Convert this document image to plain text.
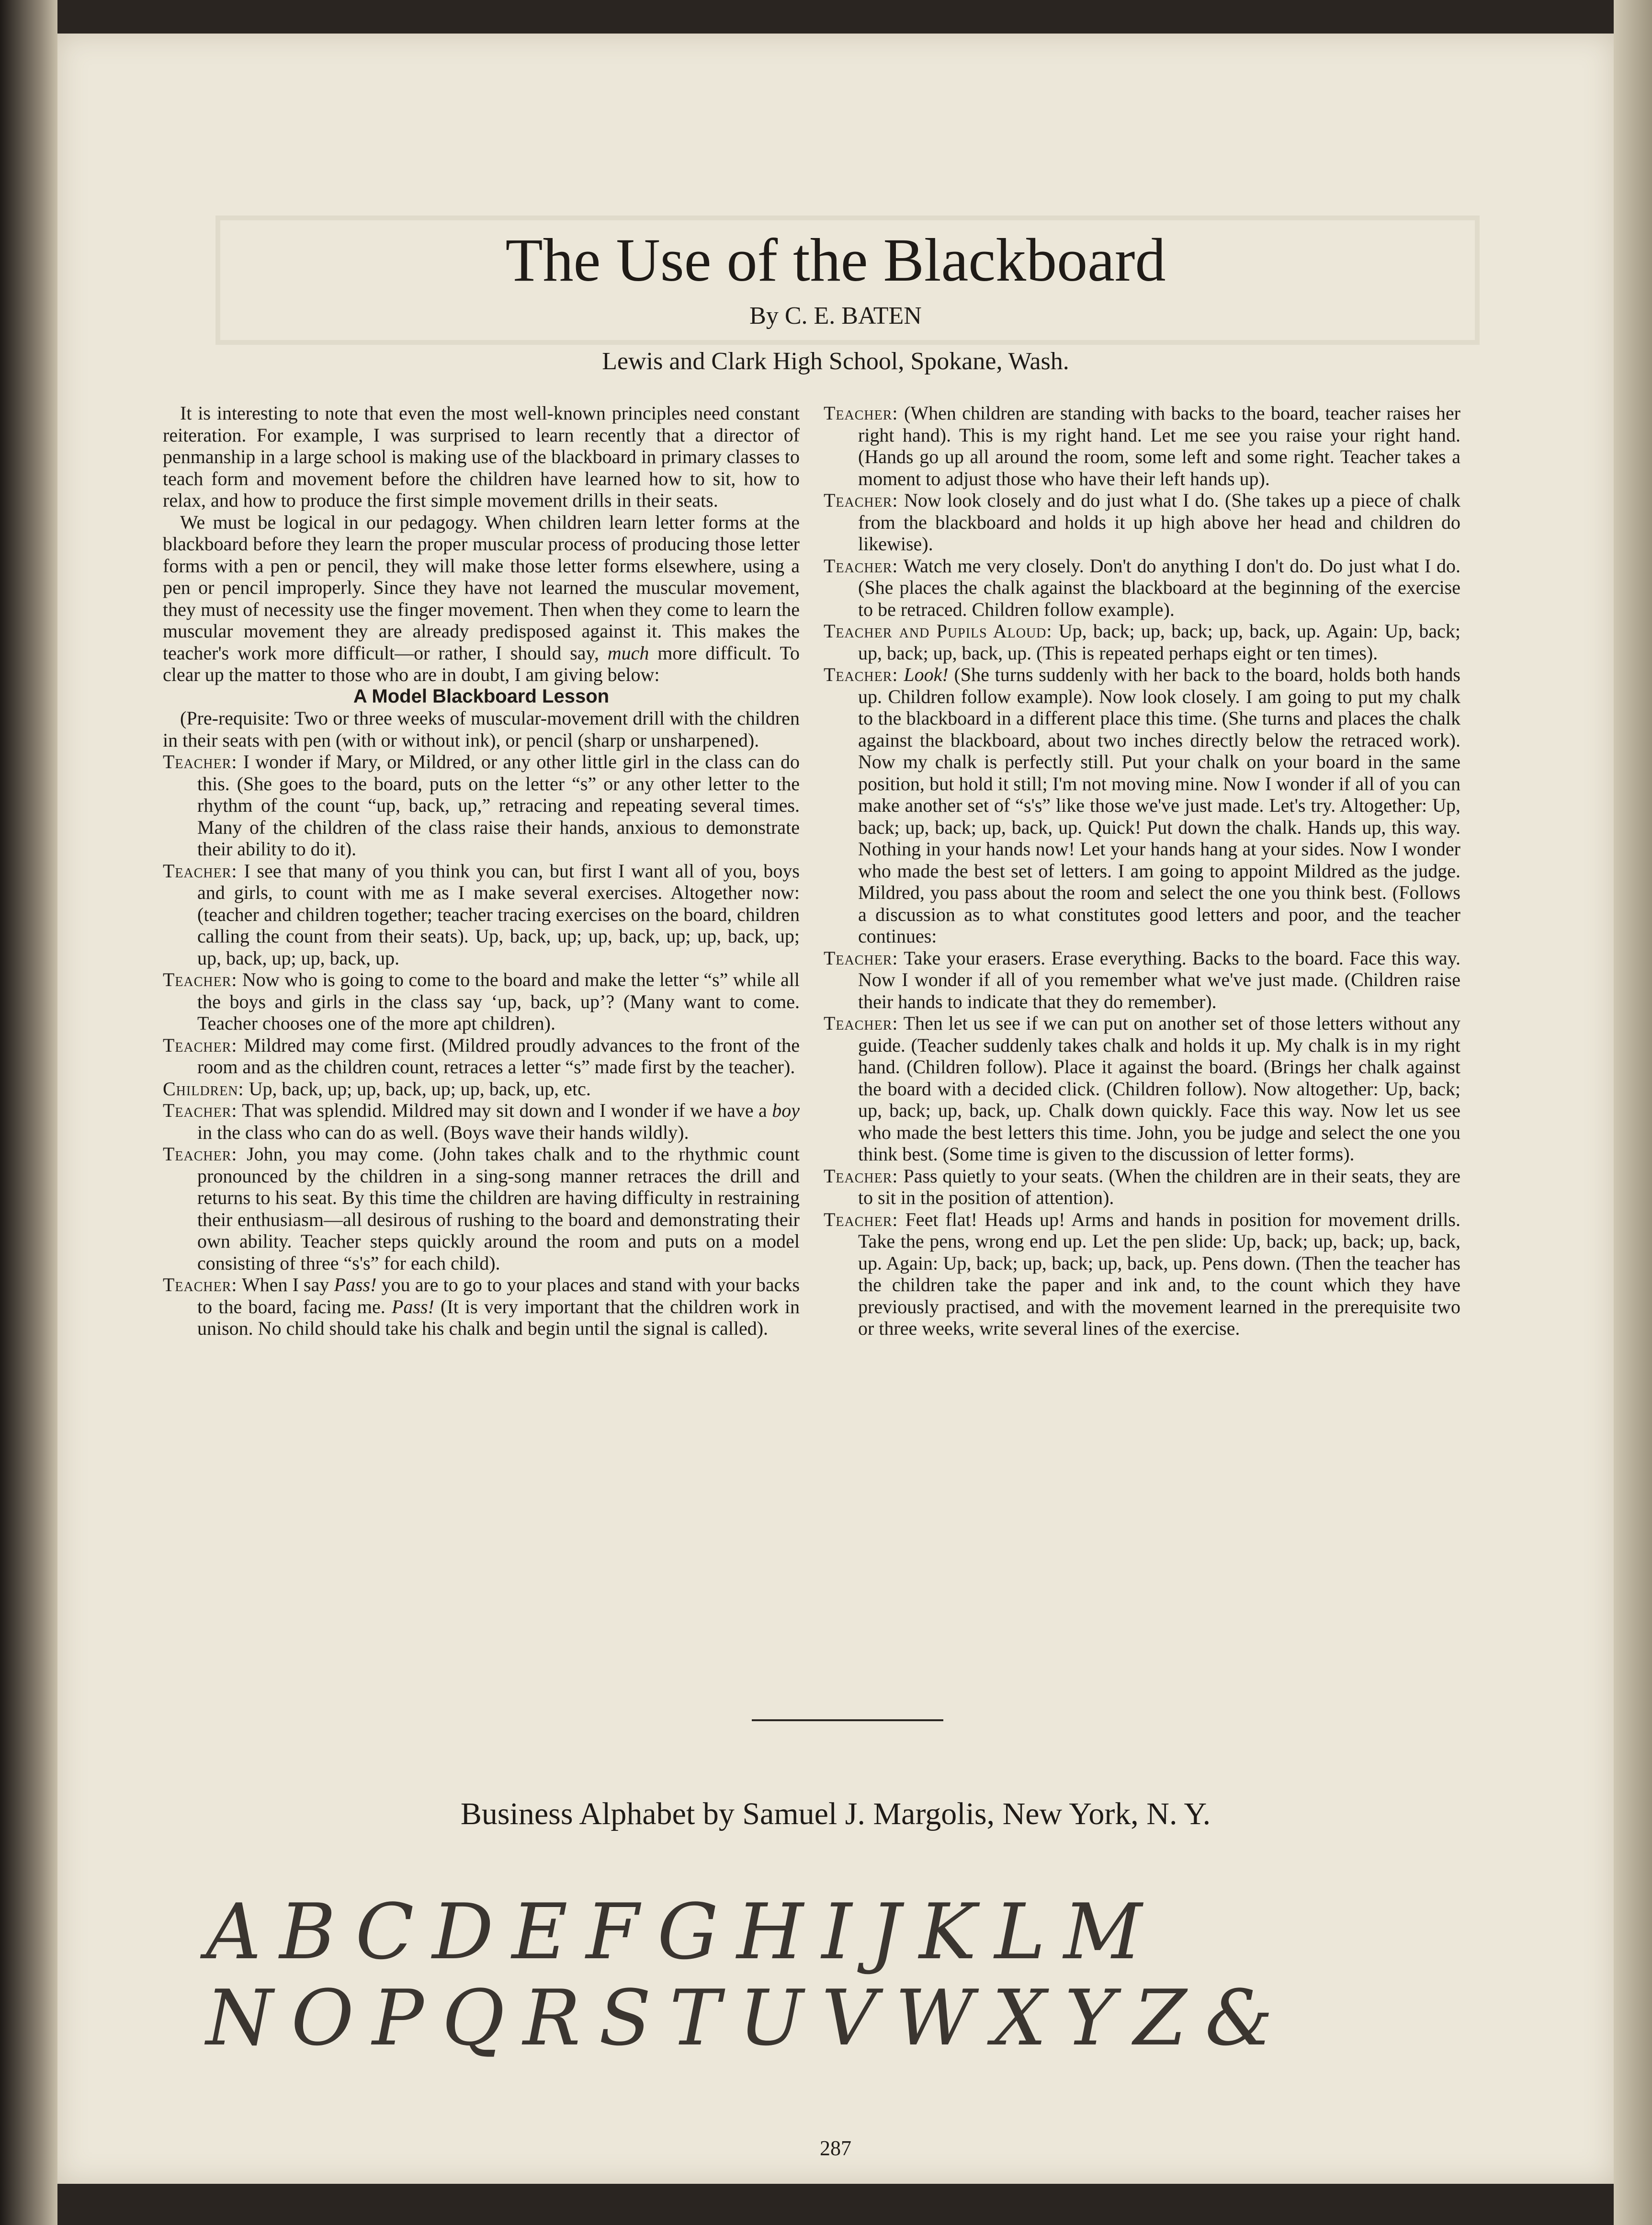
The Use of the Blackboard
By C. E. BATEN
Lewis and Clark High School, Spokane, Wash.

It is interesting to note that even the most well-known principles need constant reiteration. For example, I was surprised to learn recently that a director of penmanship in a large school is making use of the blackboard in primary classes to teach form and movement before the children have learned how to sit, how to relax, and how to produce the first simple movement drills in their seats.

We must be logical in our pedagogy. When children learn letter forms at the blackboard before they learn the proper muscular process of producing those letter forms with a pen or pencil, they will make those letter forms elsewhere, using a pen or pencil improperly. Since they have not learned the muscular movement, they must of necessity use the finger movement. Then when they come to learn the muscular movement they are already predisposed against it. This makes the teacher's work more difficult—or rather, I should say, much more difficult. To clear up the matter to those who are in doubt, I am giving below:

A Model Blackboard Lesson

(Pre-requisite: Two or three weeks of muscular-movement drill with the children in their seats with pen (with or without ink), or pencil (sharp or unsharpened).

Teacher: I wonder if Mary, or Mildred, or any other little girl in the class can do this. (She goes to the board, puts on the letter “s” or any other letter to the rhythm of the count “up, back, up,” retracing and repeating several times. Many of the children of the class raise their hands, anxious to demonstrate their ability to do it).

Teacher: I see that many of you think you can, but first I want all of you, boys and girls, to count with me as I make several exercises. Altogether now: (teacher and children together; teacher tracing exercises on the board, children calling the count from their seats). Up, back, up; up, back, up; up, back, up; up, back, up; up, back, up.

Teacher: Now who is going to come to the board and make the letter “s” while all the boys and girls in the class say ‘up, back, up’? (Many want to come. Teacher chooses one of the more apt children).

Teacher: Mildred may come first. (Mildred proudly advances to the front of the room and as the children count, retraces a letter “s” made first by the teacher).

Children: Up, back, up; up, back, up; up, back, up, etc.

Teacher: That was splendid. Mildred may sit down and I wonder if we have a boy in the class who can do as well. (Boys wave their hands wildly).

Teacher: John, you may come. (John takes chalk and to the rhythmic count pronounced by the children in a sing-song manner retraces the drill and returns to his seat. By this time the children are having difficulty in restraining their enthusiasm—all desirous of rushing to the board and demonstrating their own ability. Teacher steps quickly around the room and puts on a model consisting of three “s's” for each child).

Teacher: When I say Pass! you are to go to your places and stand with your backs to the board, facing me. Pass! (It is very important that the children work in unison. No child should take his chalk and begin until the signal is called).

Teacher: (When children are standing with backs to the board, teacher raises her right hand). This is my right hand. Let me see you raise your right hand. (Hands go up all around the room, some left and some right. Teacher takes a moment to adjust those who have their left hands up).

Teacher: Now look closely and do just what I do. (She takes up a piece of chalk from the blackboard and holds it up high above her head and children do likewise).

Teacher: Watch me very closely. Don't do anything I don't do. Do just what I do. (She places the chalk against the blackboard at the beginning of the exercise to be retraced. Children follow example).

Teacher and Pupils Aloud: Up, back; up, back; up, back, up. Again: Up, back; up, back; up, back, up. (This is repeated perhaps eight or ten times).

Teacher: Look! (She turns suddenly with her back to the board, holds both hands up. Children follow example). Now look closely. I am going to put my chalk to the blackboard in a different place this time. (She turns and places the chalk against the blackboard, about two inches directly below the retraced work). Now my chalk is perfectly still. Put your chalk on your board in the same position, but hold it still; I'm not moving mine. Now I wonder if all of you can make another set of “s's” like those we've just made. Let's try. Altogether: Up, back; up, back; up, back, up. Quick! Put down the chalk. Hands up, this way. Nothing in your hands now! Let your hands hang at your sides. Now I wonder who made the best set of letters. I am going to appoint Mildred as the judge. Mildred, you pass about the room and select the one you think best. (Follows a discussion as to what constitutes good letters and poor, and the teacher continues:

Teacher: Take your erasers. Erase everything. Backs to the board. Face this way. Now I wonder if all of you remember what we've just made. (Children raise their hands to indicate that they do remember).

Teacher: Then let us see if we can put on another set of those letters without any guide. (Teacher suddenly takes chalk and holds it up. My chalk is in my right hand. (Children follow). Place it against the board. (Brings her chalk against the board with a decided click. (Children follow). Now altogether: Up, back; up, back; up, back, up. Chalk down quickly. Face this way. Now let us see who made the best letters this time. John, you be judge and select the one you think best. (Some time is given to the discussion of letter forms).

Teacher: Pass quietly to your seats. (When the children are in their seats, they are to sit in the position of attention).

Teacher: Feet flat! Heads up! Arms and hands in position for movement drills. Take the pens, wrong end up. Let the pen slide: Up, back; up, back; up, back, up. Again: Up, back; up, back; up, back, up. Pens down. (Then the teacher has the children take the paper and ink and, to the count which they have previously practised, and with the movement learned in the prerequisite two or three weeks, write several lines of the exercise.

Business Alphabet by Samuel J. Margolis, New York, N. Y.
ABCDEFGHIJKLM
NOPQRSTUVWXYZ&
287
